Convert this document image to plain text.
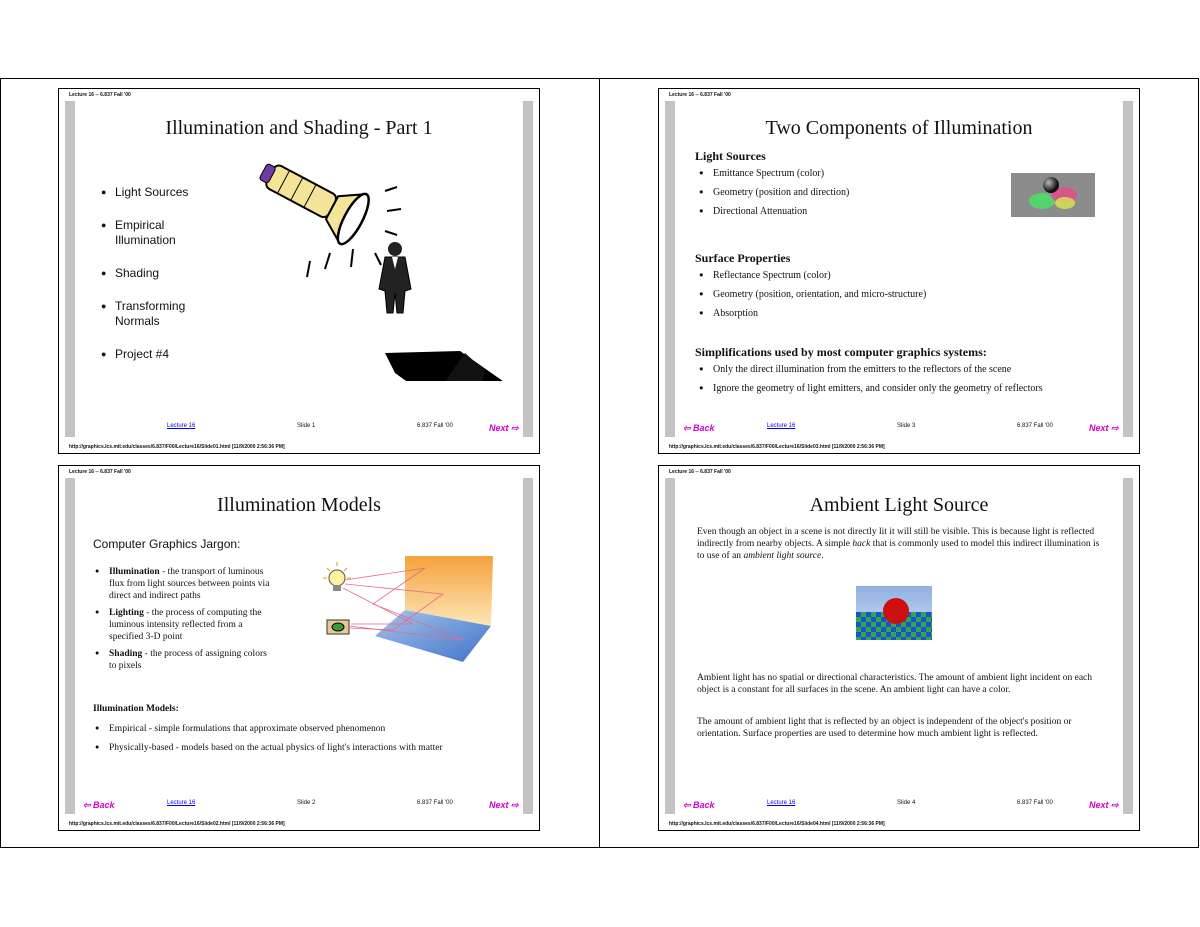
Lecture 16 -- 6.837 Fall '00
Illumination and Shading - Part 1
● Light Sources
● Empirical Illumination
● Shading
● Transforming Normals
● Project #4
Lecture 16	Slide 1	6.837 Fall '00	Next ⇨
http://graphics.lcs.mit.edu/classes/6.837/F00/Lecture16/Slide01.html [11/9/2000 2:56:36 PM]
Lecture 16 -- 6.837 Fall '00
Two Components of Illumination
Light Sources
● Emittance Spectrum (color)
● Geometry (position and direction)
● Directional Attenuation
Surface Properties
● Reflectance Spectrum (color)
● Geometry (position, orientation, and micro-structure)
● Absorption
Simplifications used by most computer graphics systems:
● Only the direct illumination from the emitters to the reflectors of the scene
● Ignore the geometry of light emitters, and consider only the geometry of reflectors
⇦ Back	Lecture 16	Slide 3	6.837 Fall '00	Next ⇨
http://graphics.lcs.mit.edu/classes/6.837/F00/Lecture16/Slide03.html [11/9/2000 2:56:36 PM]
Lecture 16 -- 6.837 Fall '00
Illumination Models
Computer Graphics Jargon:
● Illumination - the transport of luminous flux from light sources between points via direct and indirect paths
● Lighting - the process of computing the luminous intensity reflected from a specified 3-D point
● Shading - the process of assigning colors to pixels
Illumination Models:
● Empirical - simple formulations that approximate observed phenomenon
● Physically-based - models based on the actual physics of light's interactions with matter
⇦ Back	Lecture 16	Slide 2	6.837 Fall '00	Next ⇨
http://graphics.lcs.mit.edu/classes/6.837/F00/Lecture16/Slide02.html [11/9/2000 2:56:36 PM]
Lecture 16 -- 6.837 Fall '00
Ambient Light Source
Even though an object in a scene is not directly lit it will still be visible. This is because light is reflected indirectly from nearby objects. A simple hack that is commonly used to model this indirect illumination is to use of an ambient light source.
Ambient light has no spatial or directional characteristics. The amount of ambient light incident on each object is a constant for all surfaces in the scene. An ambient light can have a color.
The amount of ambient light that is reflected by an object is independent of the object's position or orientation. Surface properties are used to determine how much ambient light is reflected.
⇦ Back	Lecture 16	Slide 4	6.837 Fall '00	Next ⇨
http://graphics.lcs.mit.edu/classes/6.837/F00/Lecture16/Slide04.html [11/9/2000 2:56:36 PM]
